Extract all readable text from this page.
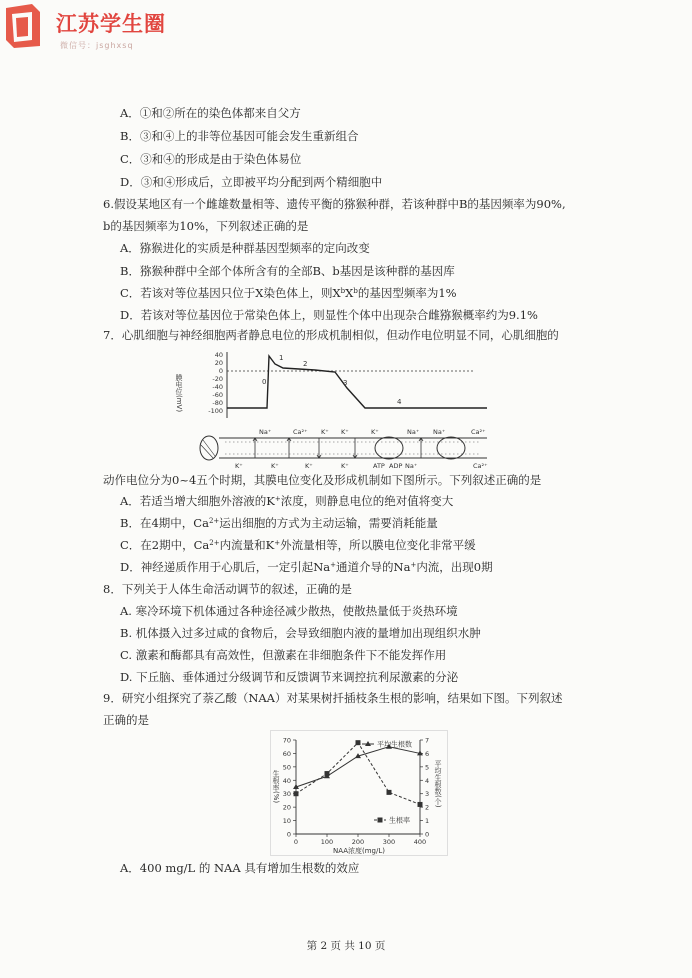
江苏学生圈
微信号：jsghxsq
A．①和②所在的染色体都来自父方
B．③和④上的非等位基因可能会发生重新组合
C．③和④的形成是由于染色体易位
D．③和④形成后，立即被平均分配到两个精细胞中
6.假设某地区有一个雌雄数量相等、遗传平衡的猕猴种群，若该种群中B的基因频率为90%,
b的基因频率为10%，下列叙述正确的是
A．猕猴进化的实质是种群基因型频率的定向改变
B．猕猴种群中全部个体所含有的全部B、b基因是该种群的基因库
C．若该对等位基因只位于X染色体上，则$X^bX^b$的基因型频率为1%
D．若该对等位基因位于常染色体上，则显性个体中出现杂合雌猕猴概率约为9.1%
7．心肌细胞与神经细胞两者静息电位的形成机制相似，但动作电位明显不同，心肌细胞的
膜电位(mV)
40
20
0
-20
-40
-60
-80
-100
0
1
2
3
4
Na⁺	Ca²⁺
K⁺	K⁺	K⁺
K⁺	Na⁺ Na⁺
K⁺
Ca²⁺
Ca²⁺
K⁺	K⁺
Na⁺
ATP ADP
动作电位分为0~4五个时期，其膜电位变化及形成机制如下图所示。下列叙述正确的是
A．若适当增大细胞外溶液的K+浓度，则静息电位的绝对值将变大
B．在4期中，$Ca^{2+}$运出细胞的方式为主动运输，需要消耗能量
C．在2期中，$Ca^{2+}$内流量和K+外流量相等，所以膜电位变化非常平缓
D．神经递质作用于心肌后，一定引起Na+通道介导的Na+内流，出现0期
8．下列关于人体生命活动调节的叙述，正确的是
A. 寒冷环境下机体通过各种途径减少散热，使散热量低于炎热环境
B. 机体摄入过多过咸的食物后，会导致细胞内液的量增加出现组织水肿
C. 激素和酶都具有高效性，但激素在非细胞条件下不能发挥作用
D. 下丘脑、垂体通过分级调节和反馈调节来调控抗利尿激素的分泌
9．研究小组探究了萘乙酸（NAA）对某果树扦插枝条生根的影响，结果如下图。下列叙述
正确的是
生根率(%)	平均生根数(个)
NAA浓度(mg/L)
0
10
20
30
40
50
60
70
0
1
2
3
4
5
6
7
0	100	200	300	400
平均生根数
生根率
A．400 mg/L 的 NAA 具有增加生根数的效应
第 2 页 共 10 页
